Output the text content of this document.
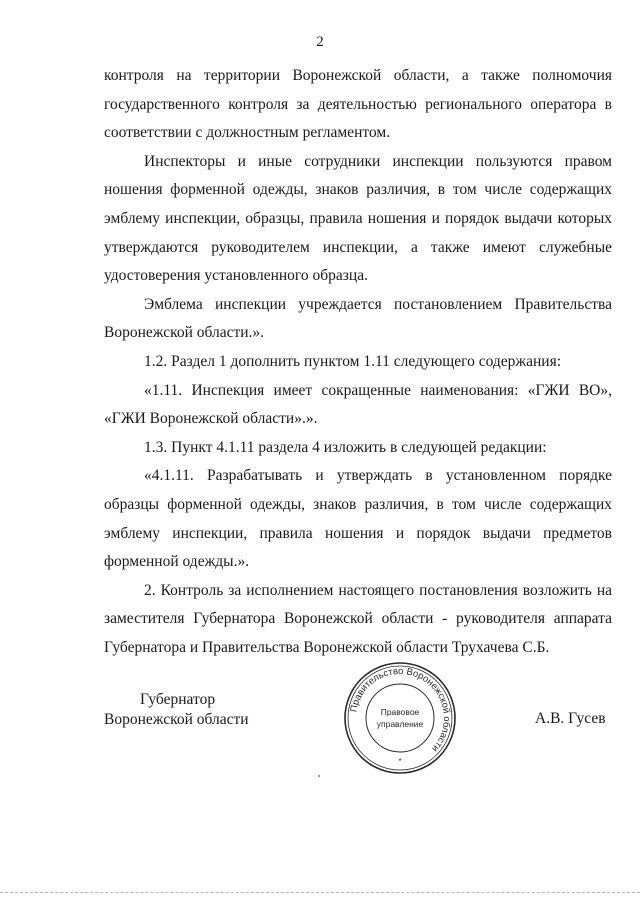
2

контроля на территории Воронежской области, а также полномочия государственного контроля за деятельностью регионального оператора в соответствии с должностным регламентом.

Инспекторы и иные сотрудники инспекции пользуются правом ношения форменной одежды, знаков различия, в том числе содержащих эмблему инспекции, образцы, правила ношения и порядок выдачи которых утверждаются руководителем инспекции, а также имеют служебные удостоверения установленного образца.

Эмблема инспекции учреждается постановлением Правительства Воронежской области.».

1.2. Раздел 1 дополнить пунктом 1.11 следующего содержания:

«1.11. Инспекция имеет сокращенные наименования: «ГЖИ ВО», «ГЖИ Воронежской области».».

1.3. Пункт 4.1.11 раздела 4 изложить в следующей редакции:

«4.1.11. Разрабатывать и утверждать в установленном порядке образцы форменной одежды, знаков различия, в том числе содержащих эмблему инспекции, правила ношения и порядок выдачи предметов форменной одежды.».

2. Контроль за исполнением настоящего постановления возложить на заместителя Губернатора Воронежской области - руководителя аппарата Губернатора и Правительства Воронежской области Трухачева С.Б.

Губернатор
Воронежской области
Правительство Воронежской области
Правовое
управление
*
А.В. Гусев
